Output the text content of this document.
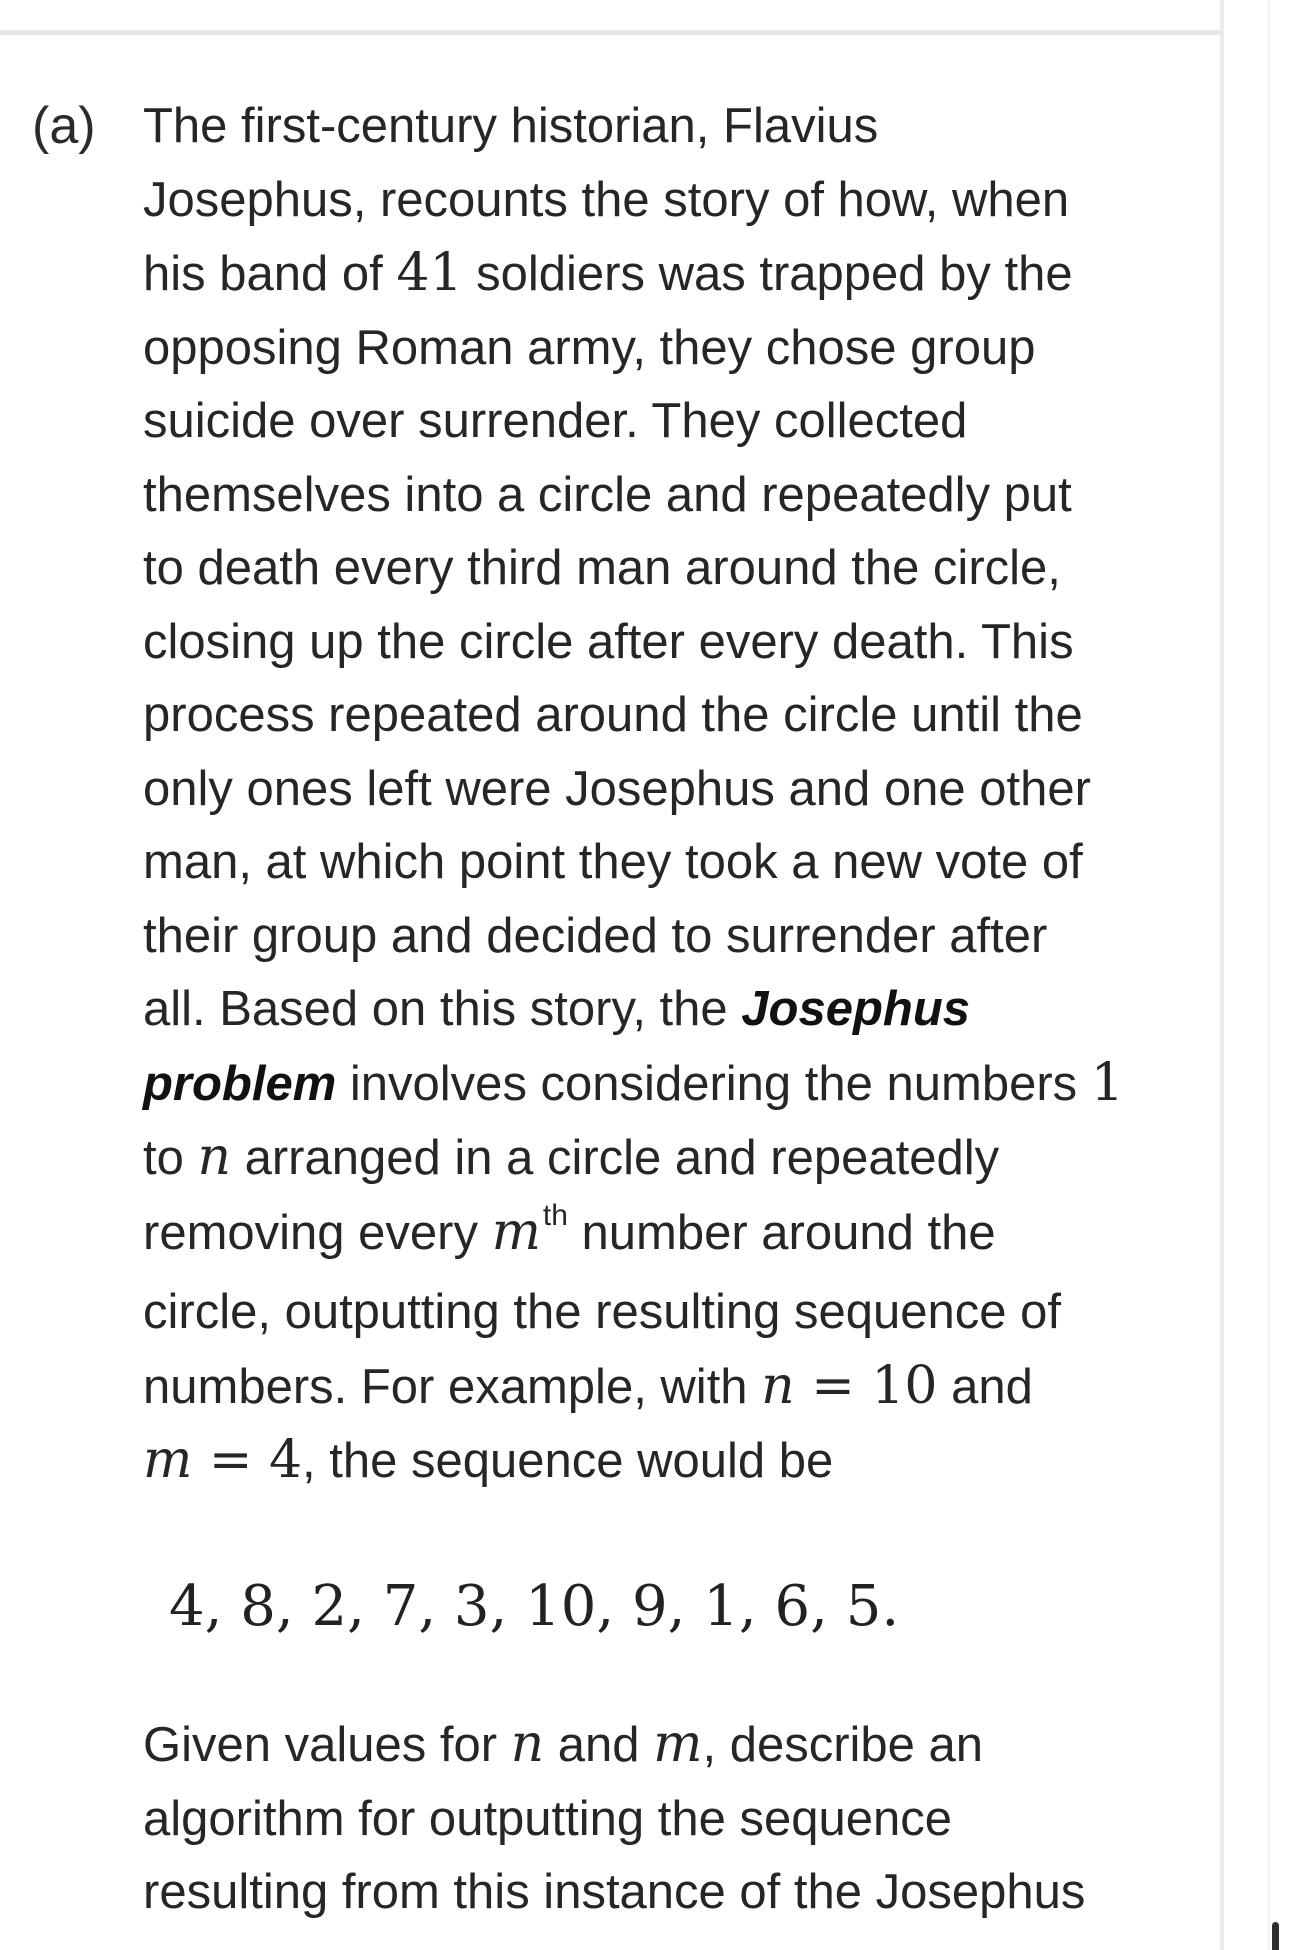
(a) The first-century historian, Flavius
Josephus, recounts the story of how, when
his band of 41 soldiers was trapped by the
opposing Roman army, they chose group
suicide over surrender. They collected
themselves into a circle and repeatedly put
to death every third man around the circle,
closing up the circle after every death. This
process repeated around the circle until the
only ones left were Josephus and one other
man, at which point they took a new vote of
their group and decided to surrender after
all. Based on this story, the Josephus
problem involves considering the numbers 1
to n arranged in a circle and repeatedly
removing every $m^{th}$ number around the
circle, outputting the resulting sequence of
numbers. For example, with n = 10 and
m = 4, the sequence would be

4, 8, 2, 7, 3, 10, 9, 1, 6, 5.

Given values for n and m, describe an
algorithm for outputting the sequence
resulting from this instance of the Josephus
